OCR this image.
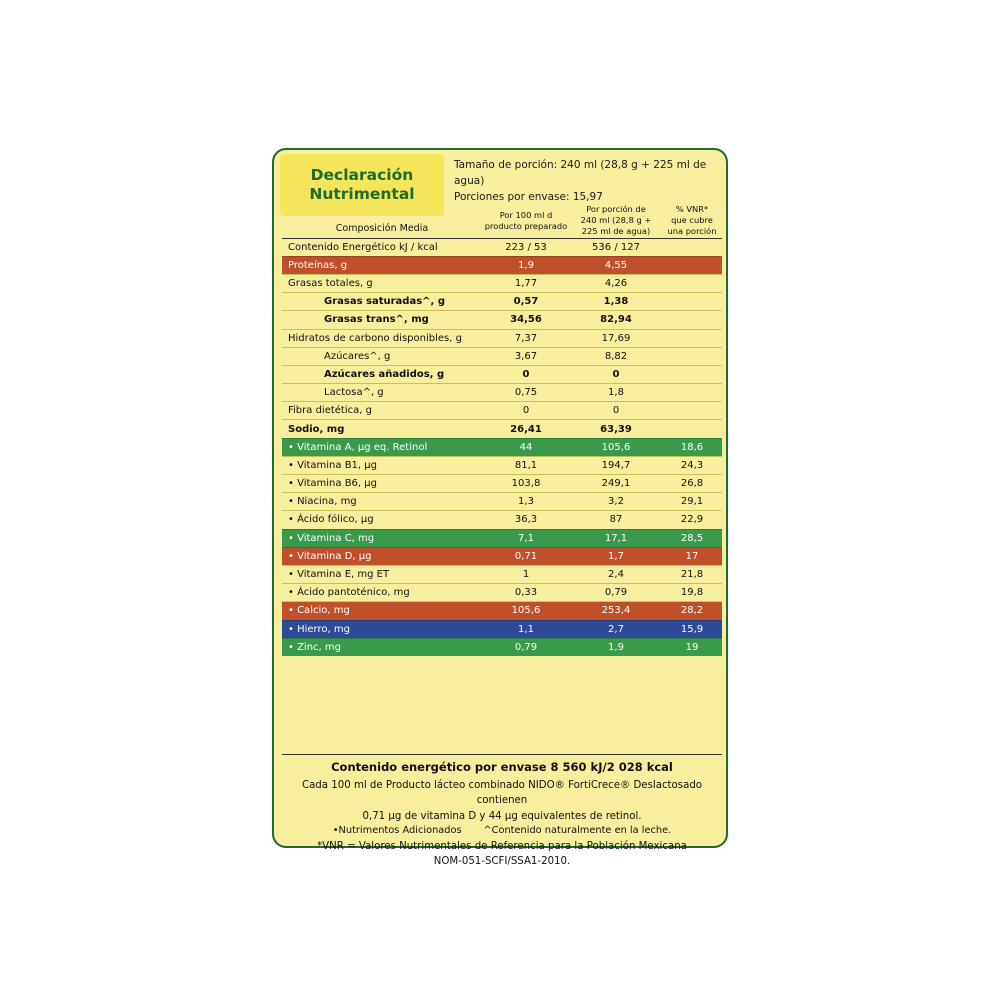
Declaración
Nutrimental
Tamaño de porción: 240 ml (28,8 g + 225 ml de agua)
Porciones por envase: 15,97
Composición Media	
Por 100 ml d
producto preparado

Por porción de
240 ml (28,8 g +
225 ml de agua)

% VNR*
que cubre
una porción

Contenido Energético kJ / kcal	223 / 53	536 / 127	
Proteínas, g	1,9	4,55	
Grasas totales, g	1,77	4,26	
Grasas saturadas^, g	0,57	1,38	
Grasas trans^, mg	34,56	82,94	
Hidratos de carbono disponibles, g	7,37	17,69	
Azúcares^, g	3,67	8,82	
Azúcares añadidos, g	0	0	
Lactosa^, g	0,75	1,8	
Fibra dietética, g	0	0	
Sodio, mg	26,41	63,39	
• Vitamina A, µg eq. Retinol	44	105,6	18,6
• Vitamina B1, µg	81,1	194,7	24,3
• Vitamina B6, µg	103,8	249,1	26,8
• Niacina, mg	1,3	3,2	29,1
• Ácido fólico, µg	36,3	87	22,9
• Vitamina C, mg	7,1	17,1	28,5
• Vitamina D, µg	0,71	1,7	17
• Vitamina E, mg ET	1	2,4	21,8
• Ácido pantoténico, mg	0,33	0,79	19,8
• Calcio, mg	105,6	253,4	28,2
• Hierro, mg	1,1	2,7	15,9
• Zinc, mg	0,79	1,9	19
Contenido energético por envase 8 560 kJ/2 028 kcal
Cada 100 ml de Producto lácteo combinado NIDO® FortiCrece® Deslactosado contienen
0,71 µg de vitamina D y 44 µg equivalentes de retinol.
•Nutrimentos Adicionados ^Contenido naturalmente en la leche.
*VNR = Valores Nutrimentales de Referencia para la Población Mexicana
NOM-051-SCFI/SSA1-2010.
